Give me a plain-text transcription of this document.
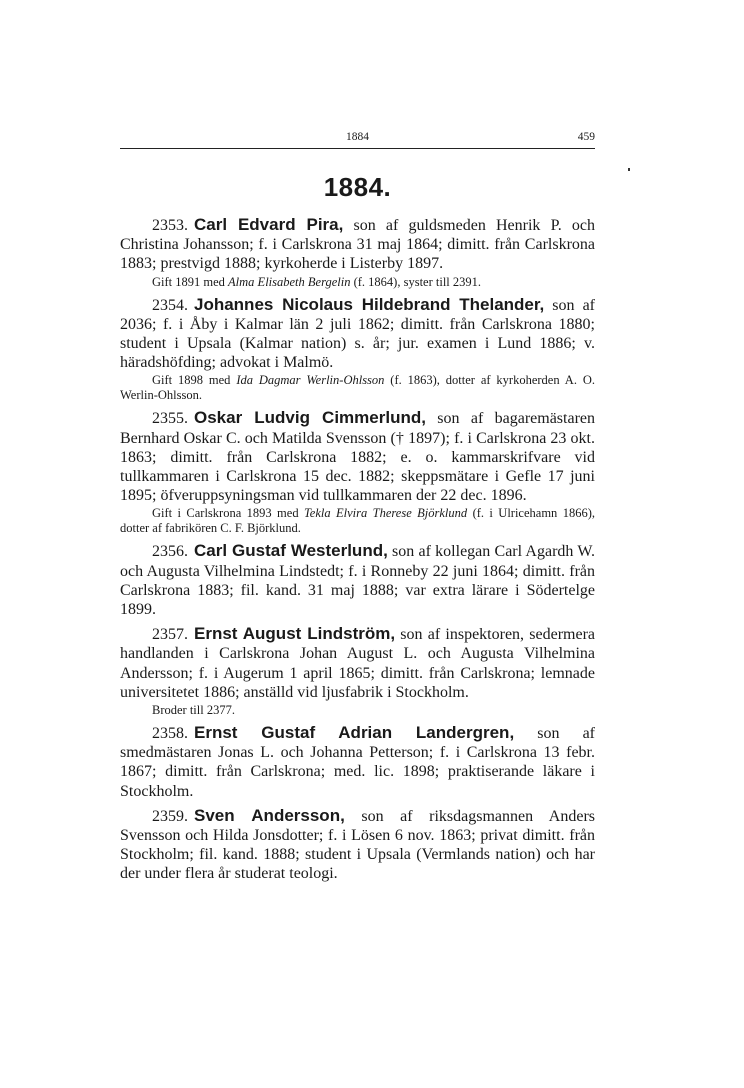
1884	459
1884.

2353. Carl Edvard Pira, son af guldsmeden Henrik P. och Christina Johansson; f. i Carlskrona 31 maj 1864; dimitt. från Carlskrona 1883; prestvigd 1888; kyrkoherde i Listerby 1897.

Gift 1891 med Alma Elisabeth Bergelin (f. 1864), syster till 2391.

2354. Johannes Nicolaus Hildebrand Thelander, son af 2036; f. i Åby i Kalmar län 2 juli 1862; dimitt. från Carlskrona 1880; student i Upsala (Kalmar nation) s. år; jur. examen i Lund 1886; v. häradshöfding; advokat i Malmö.

Gift 1898 med Ida Dagmar Werlin-Ohlsson (f. 1863), dotter af kyrkoherden A. O. Werlin-Ohlsson.

2355. Oskar Ludvig Cimmerlund, son af bagaremästaren Bernhard Oskar C. och Matilda Svensson († 1897); f. i Carlskrona 23 okt. 1863; dimitt. från Carlskrona 1882; e. o. kammarskrifvare vid tullkammaren i Carlskrona 15 dec. 1882; skeppsmätare i Gefle 17 juni 1895; öfveruppsyningsman vid tullkammaren der 22 dec. 1896.

Gift i Carlskrona 1893 med Tekla Elvira Therese Björklund (f. i Ulricehamn 1866), dotter af fabrikören C. F. Björklund.

2356. Carl Gustaf Westerlund, son af kollegan Carl Agardh W. och Augusta Vilhelmina Lindstedt; f. i Ronneby 22 juni 1864; dimitt. från Carlskrona 1883; fil. kand. 31 maj 1888; var extra lärare i Södertelge 1899.

2357. Ernst August Lindström, son af inspektoren, sedermera handlanden i Carlskrona Johan August L. och Augusta Vilhelmina Andersson; f. i Augerum 1 april 1865; dimitt. från Carlskrona; lemnade universitetet 1886; anställd vid ljusfabrik i Stockholm.

Broder till 2377.

2358. Ernst Gustaf Adrian Landergren, son af smedmästaren Jonas L. och Johanna Petterson; f. i Carlskrona 13 febr. 1867; dimitt. från Carlskrona; med. lic. 1898; praktiserande läkare i Stockholm.

2359. Sven Andersson, son af riksdagsmannen Anders Svensson och Hilda Jonsdotter; f. i Lösen 6 nov. 1863; privat dimitt. från Stockholm; fil. kand. 1888; student i Upsala (Vermlands nation) och har der under flera år studerat teologi.
